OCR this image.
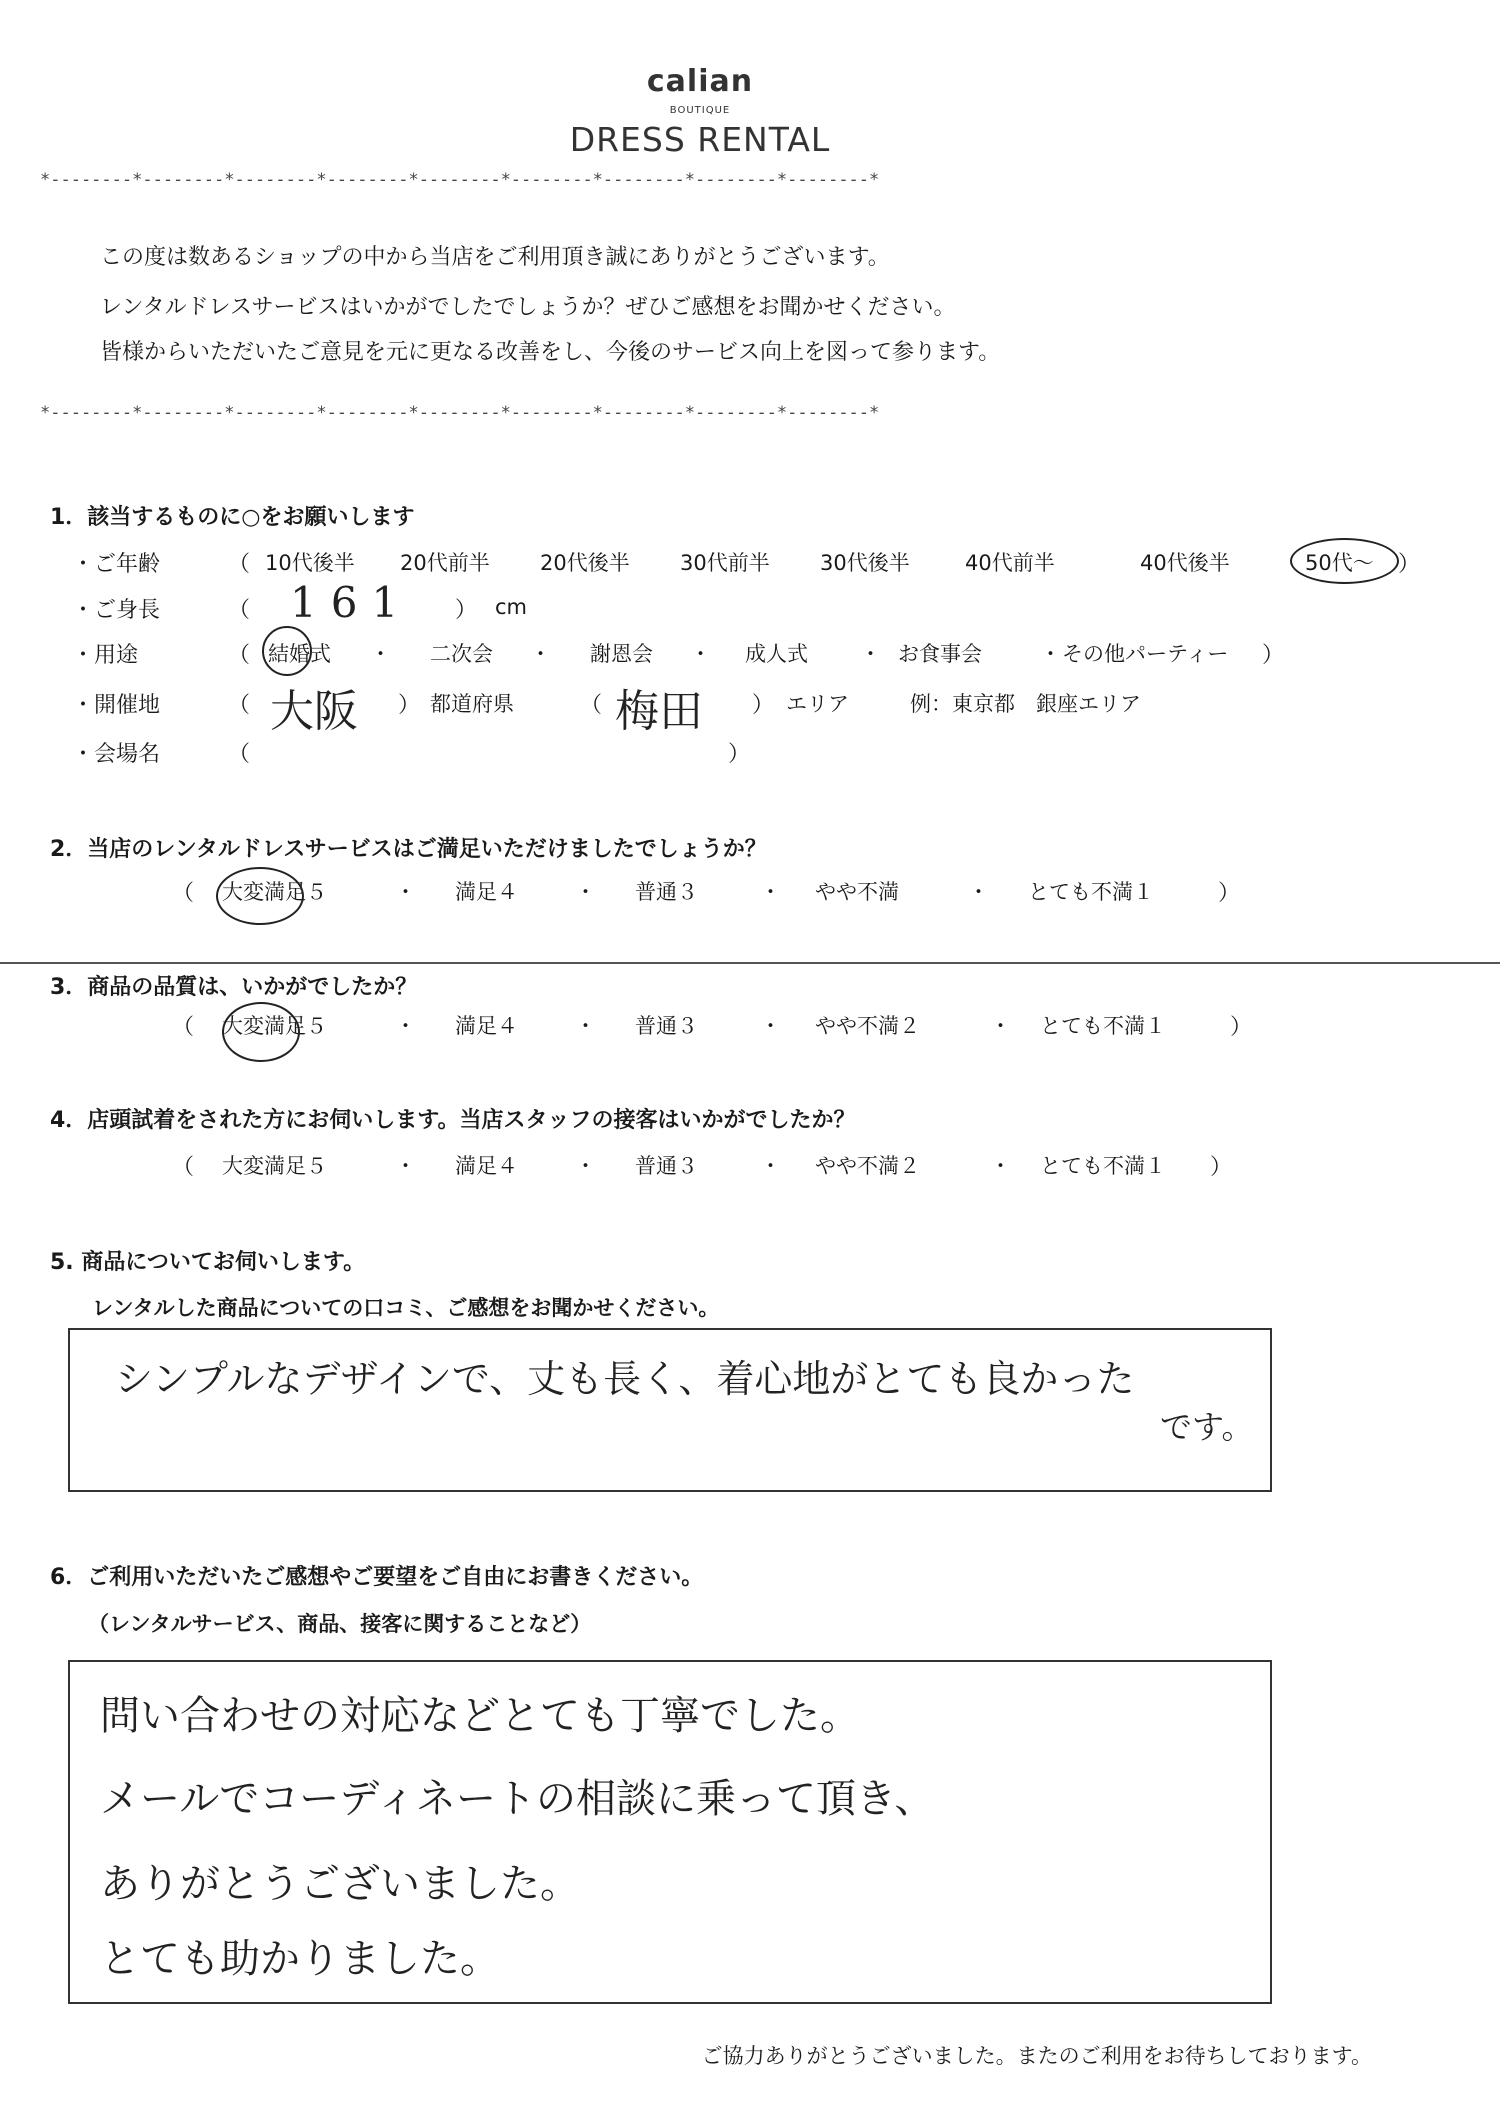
calian
BOUTIQUE
DRESS RENTAL
*--------*--------*--------*--------*--------*--------*--------*--------*--------*
この度は数あるショップの中から当店をご利用頂き誠にありがとうございます。
レンタルドレスサービスはいかがでしたでしょうか？ぜひご感想をお聞かせください。
皆様からいただいたご意見を元に更なる改善をし、今後のサービス向上を図って参ります。
*--------*--------*--------*--------*--------*--------*--------*--------*--------*
1．該当するものに○をお願いします
・ご年齢	（ 10代後半 20代前半 20代後半 30代前半 30代後半	40代前半	40代後半	50代～ ）
・ご身長	（ 161 ） cm
・用途	（ 結婚式 ・ 二次会 ・ 謝恩会 ・ 成人式 ・ お食事会	・ その他パーティー ）
・開催地	（ 大阪 ） 都道府県	（ 梅田 ） エリア	例：東京都　銀座エリア
・会場名	（	）
2．当店のレンタルドレスサービスはご満足いただけましたでしょうか？
（ 大変満足５	・ 満足４	・ 普通３	・ やや不満	・ とても不満１	）
3．商品の品質は、いかがでしたか？
（ 大変満足５	・ 満足４	・ 普通３	・ やや不満２	・ とても不満１	）
4．店頭試着をされた方にお伺いします。当店スタッフの接客はいかがでしたか？
（ 大変満足５	・ 満足４	・ 普通３	・ やや不満２	・ とても不満１ ）
5. 商品についてお伺いします。
レンタルした商品についての口コミ、ご感想をお聞かせください。
シンプルなデザインで、丈も長く、着心地がとても良かった
です。
6．ご利用いただいたご感想やご要望をご自由にお書きください。
（レンタルサービス、商品、接客に関することなど）
問い合わせの対応などとても丁寧でした。
メールでコーディネートの相談に乗って頂き、
ありがとうございました。
とても助かりました。
ご協力ありがとうございました。またのご利用をお待ちしております。
